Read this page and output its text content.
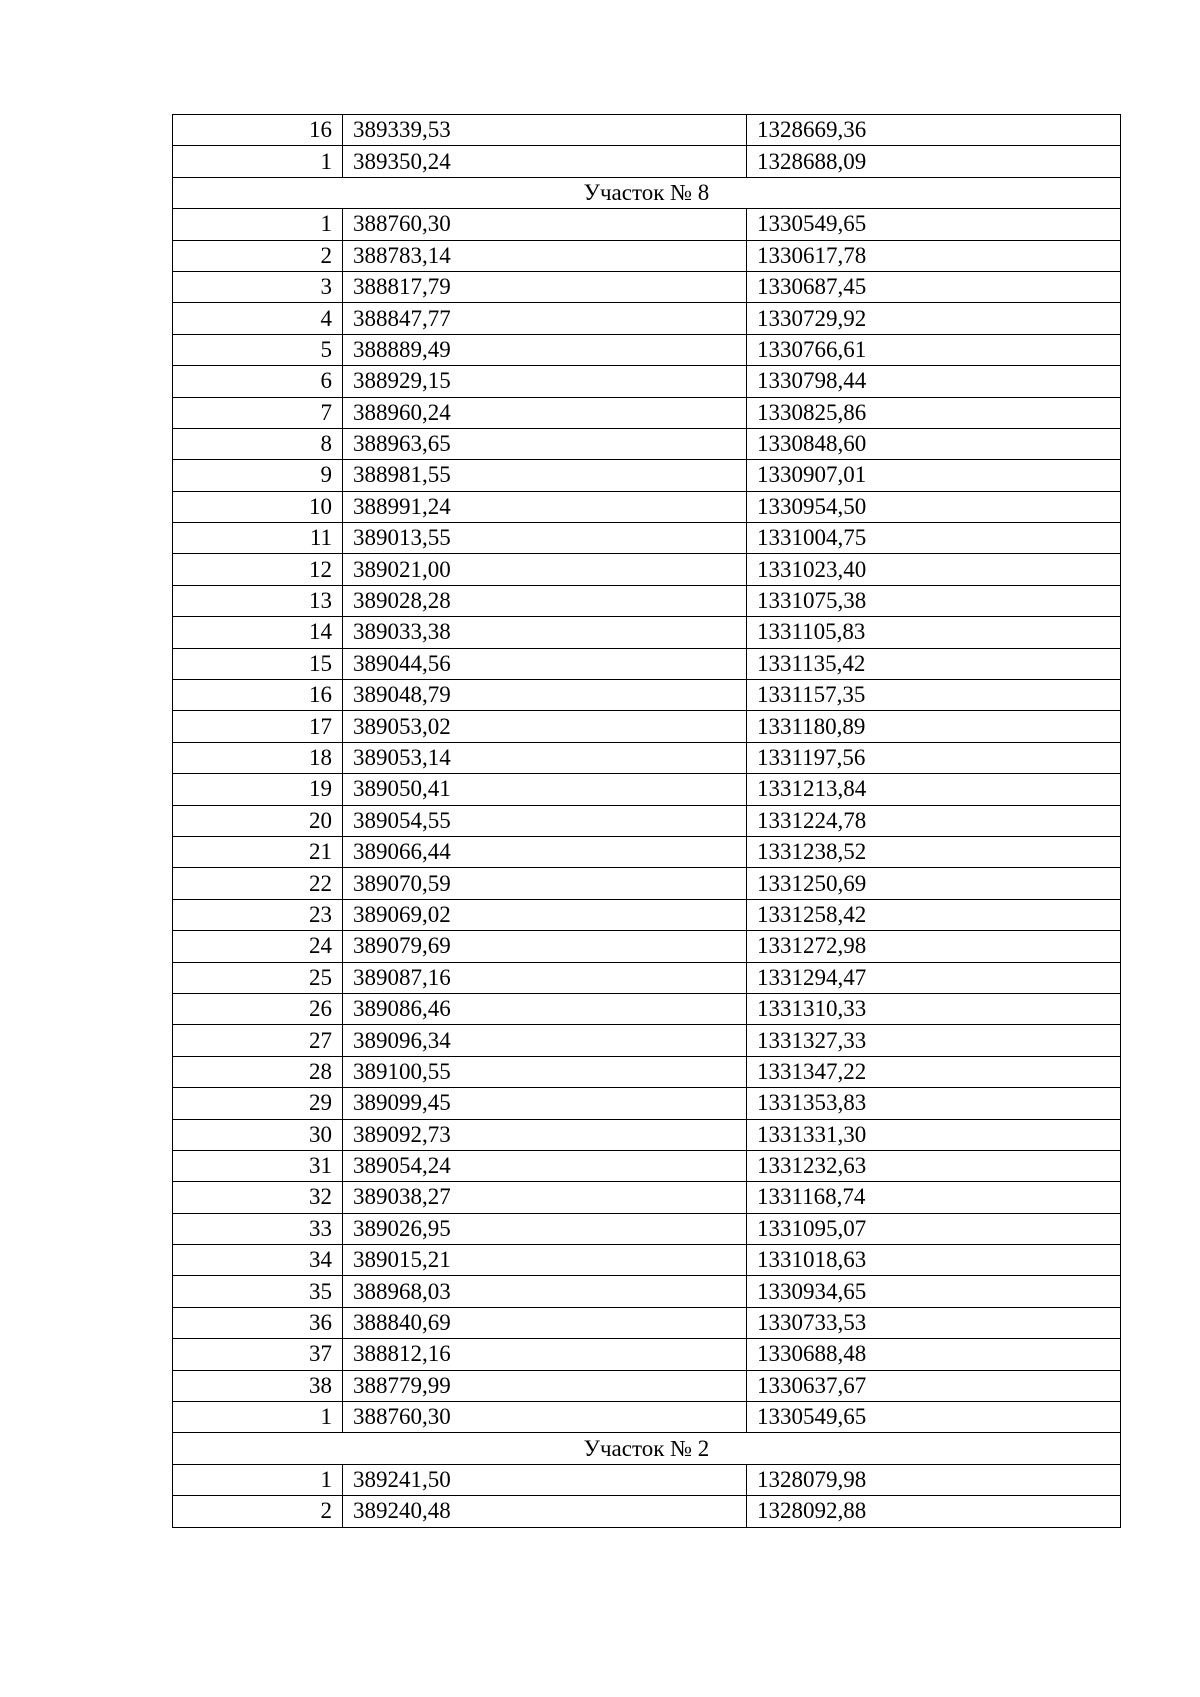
16	389339,53	1328669,36
1	389350,24	1328688,09
Участок № 8		
1	388760,30	1330549,65
2	388783,14	1330617,78
3	388817,79	1330687,45
4	388847,77	1330729,92
5	388889,49	1330766,61
6	388929,15	1330798,44
7	388960,24	1330825,86
8	388963,65	1330848,60
9	388981,55	1330907,01
10	388991,24	1330954,50
11	389013,55	1331004,75
12	389021,00	1331023,40
13	389028,28	1331075,38
14	389033,38	1331105,83
15	389044,56	1331135,42
16	389048,79	1331157,35
17	389053,02	1331180,89
18	389053,14	1331197,56
19	389050,41	1331213,84
20	389054,55	1331224,78
21	389066,44	1331238,52
22	389070,59	1331250,69
23	389069,02	1331258,42
24	389079,69	1331272,98
25	389087,16	1331294,47
26	389086,46	1331310,33
27	389096,34	1331327,33
28	389100,55	1331347,22
29	389099,45	1331353,83
30	389092,73	1331331,30
31	389054,24	1331232,63
32	389038,27	1331168,74
33	389026,95	1331095,07
34	389015,21	1331018,63
35	388968,03	1330934,65
36	388840,69	1330733,53
37	388812,16	1330688,48
38	388779,99	1330637,67
1	388760,30	1330549,65
Участок № 2		
1	389241,50	1328079,98
2	389240,48	1328092,88
